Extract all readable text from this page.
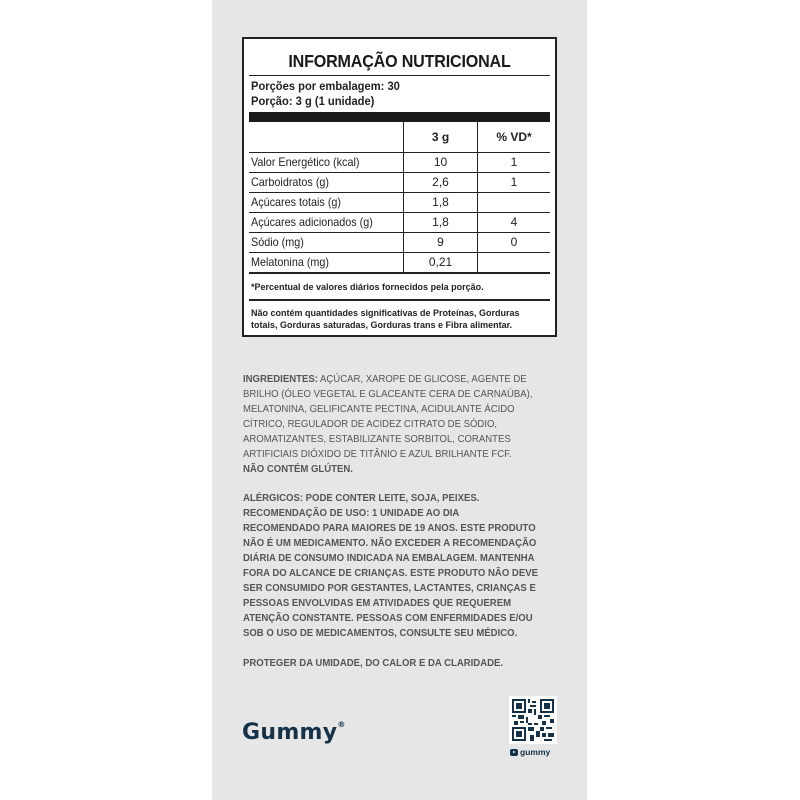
INFORMAÇÃO NUTRICIONAL
Porções por embalagem: 30
Porção: 3 g (1 unidade)
	3 g	% VD*
Valor Energético (kcal)	10	1
Carboidratos (g)	2,6	1
Açúcares totais (g)	1,8	
Açúcares adicionados (g)	1,8	4
Sódio (mg)	9	0
Melatonina (mg)	0,21	
*Percentual de valores diários fornecidos pela porção.
Não contém quantidades significativas de Proteínas, Gorduras totais, Gorduras saturadas, Gorduras trans e Fibra alimentar.
INGREDIENTES: AÇÚCAR, XAROPE DE GLICOSE, AGENTE DE
BRILHO (ÓLEO VEGETAL E GLACEANTE CERA DE CARNAÚBA),
MELATONINA, GELIFICANTE PECTINA, ACIDULANTE ÁCIDO
CÍTRICO, REGULADOR DE ACIDEZ CITRATO DE SÓDIO,
AROMATIZANTES, ESTABILIZANTE SORBITOL, CORANTES
ARTIFICIAIS DIÓXIDO DE TITÂNIO E AZUL BRILHANTE FCF.
NÃO CONTÉM GLÚTEN.
ALÉRGICOS: PODE CONTER LEITE, SOJA, PEIXES.
RECOMENDAÇÃO DE USO: 1 UNIDADE AO DIA
RECOMENDADO PARA MAIORES DE 19 ANOS. ESTE PRODUTO
NÃO É UM MEDICAMENTO. NÃO EXCEDER A RECOMENDAÇÃO
DIÁRIA DE CONSUMO INDICADA NA EMBALAGEM. MANTENHA
FORA DO ALCANCE DE CRIANÇAS. ESTE PRODUTO NÃO DEVE
SER CONSUMIDO POR GESTANTES, LACTANTES, CRIANÇAS E
PESSOAS ENVOLVIDAS EM ATIVIDADES QUE REQUEREM
ATENÇÃO CONSTANTE. PESSOAS COM ENFERMIDADES E/OU
SOB O USO DE MEDICAMENTOS, CONSULTE SEU MÉDICO.
PROTEGER DA UMIDADE, DO CALOR E DA CLARIDADE.
Gummy®
gummy
